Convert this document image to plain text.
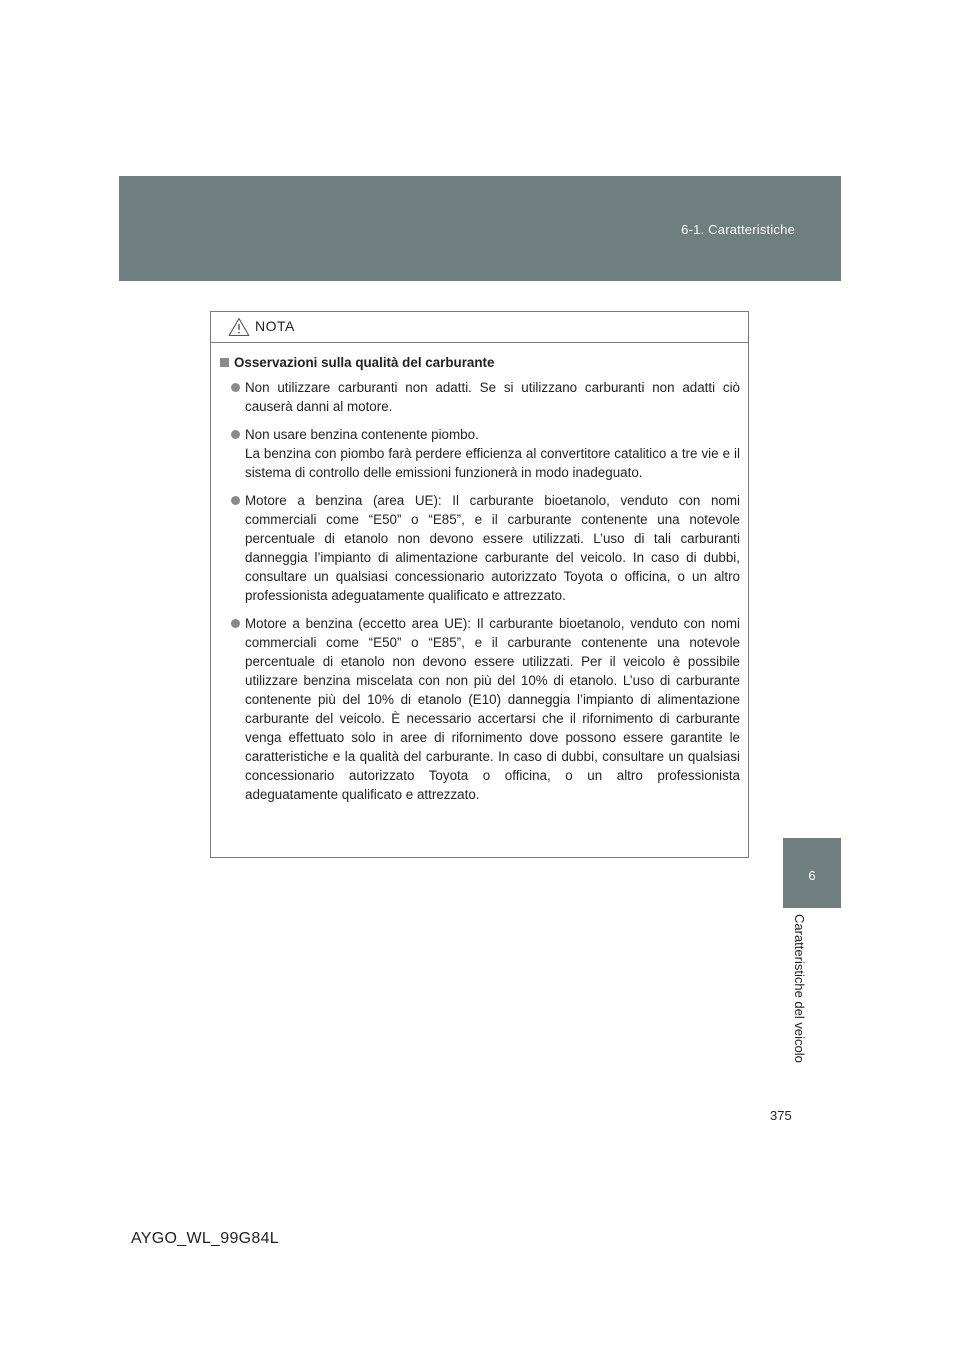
6-1. Caratteristiche
6
Caratteristiche del veicolo
NOTA
Osservazioni sulla qualità del carburante

Non utilizzare carburanti non adatti. Se si utilizzano carburanti non adatti ciò causerà danni al motore.

Non usare benzina contenente piombo.

La benzina con piombo farà perdere efficienza al convertitore catalitico a tre vie e il sistema di controllo delle emissioni funzionerà in modo inadeguato.

Motore a benzina (area UE): Il carburante bioetanolo, venduto con nomi commerciali come “E50” o “E85”, e il carburante contenente una notevole percentuale di etanolo non devono essere utilizzati. L’uso di tali carburanti danneggia l’impianto di alimentazione carburante del veicolo. In caso di dubbi, consultare un qualsiasi concessionario autorizzato Toyota o officina, o un altro professionista adeguatamente qualificato e attrezzato.

Motore a benzina (eccetto area UE): Il carburante bioetanolo, venduto con nomi commerciali come “E50” o “E85”, e il carburante contenente una notevole percentuale di etanolo non devono essere utilizzati. Per il veicolo è possibile utilizzare benzina miscelata con non più del 10% di etanolo. L’uso di carburante contenente più del 10% di etanolo (E10) danneggia l’impianto di alimentazione carburante del veicolo. È necessario accertarsi che il rifornimento di carburante venga effettuato solo in aree di rifornimento dove possono essere garantite le caratteristiche e la qualità del carburante. In caso di dubbi, consultare un qualsiasi concessionario autorizzato Toyota o officina, o un altro professionista adeguatamente qualificato e attrezzato.

375
AYGO_WL_99G84L
